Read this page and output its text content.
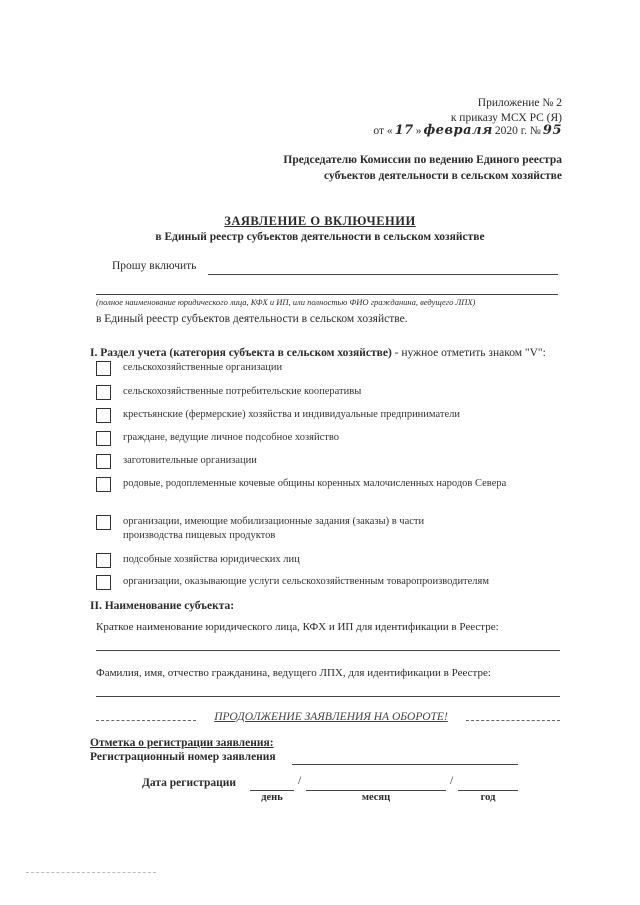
Приложение № 2
к приказу МСХ РС (Я)
от « 17 » февраля 2020 г. № 95
Председателю Комиссии по ведению Единого реестра
субъектов деятельности в сельском хозяйстве
ЗАЯВЛЕНИЕ О ВКЛЮЧЕНИИ
в Единый реестр субъектов деятельности в сельском хозяйстве
Прошу включить
(полное наименование юридического лица, КФХ и ИП, или полностью ФИО гражданина, ведущего ЛПХ)
в Единый реестр субъектов деятельности в сельском хозяйстве.
I. Раздел учета (категория субъекта в сельском хозяйстве) - нужное отметить знаком "V":
сельскохозяйственные организации
сельскохозяйственные потребительские кооперативы
крестьянские (фермерские) хозяйства и индивидуальные предприниматели
граждане, ведущие личное подсобное хозяйство
заготовительные организации
родовые, родоплеменные кочевые общины коренных малочисленных народов Севера
организации, имеющие мобилизационные задания (заказы) в части производства пищевых продуктов
подсобные хозяйства юридических лиц
организации, оказывающие услуги сельскохозяйственным товаропроизводителям
II. Наименование субъекта:
Краткое наименование юридического лица, КФХ и ИП для идентификации в Реестре:
Фамилия, имя, отчество гражданина, ведущего ЛПХ, для идентификации в Реестре:
ПРОДОЛЖЕНИЕ ЗАЯВЛЕНИЯ НА ОБОРОТЕ!
Отметка о регистрации заявления:
Регистрационный номер заявления
Дата регистрации	/	/
день	месяц	год
